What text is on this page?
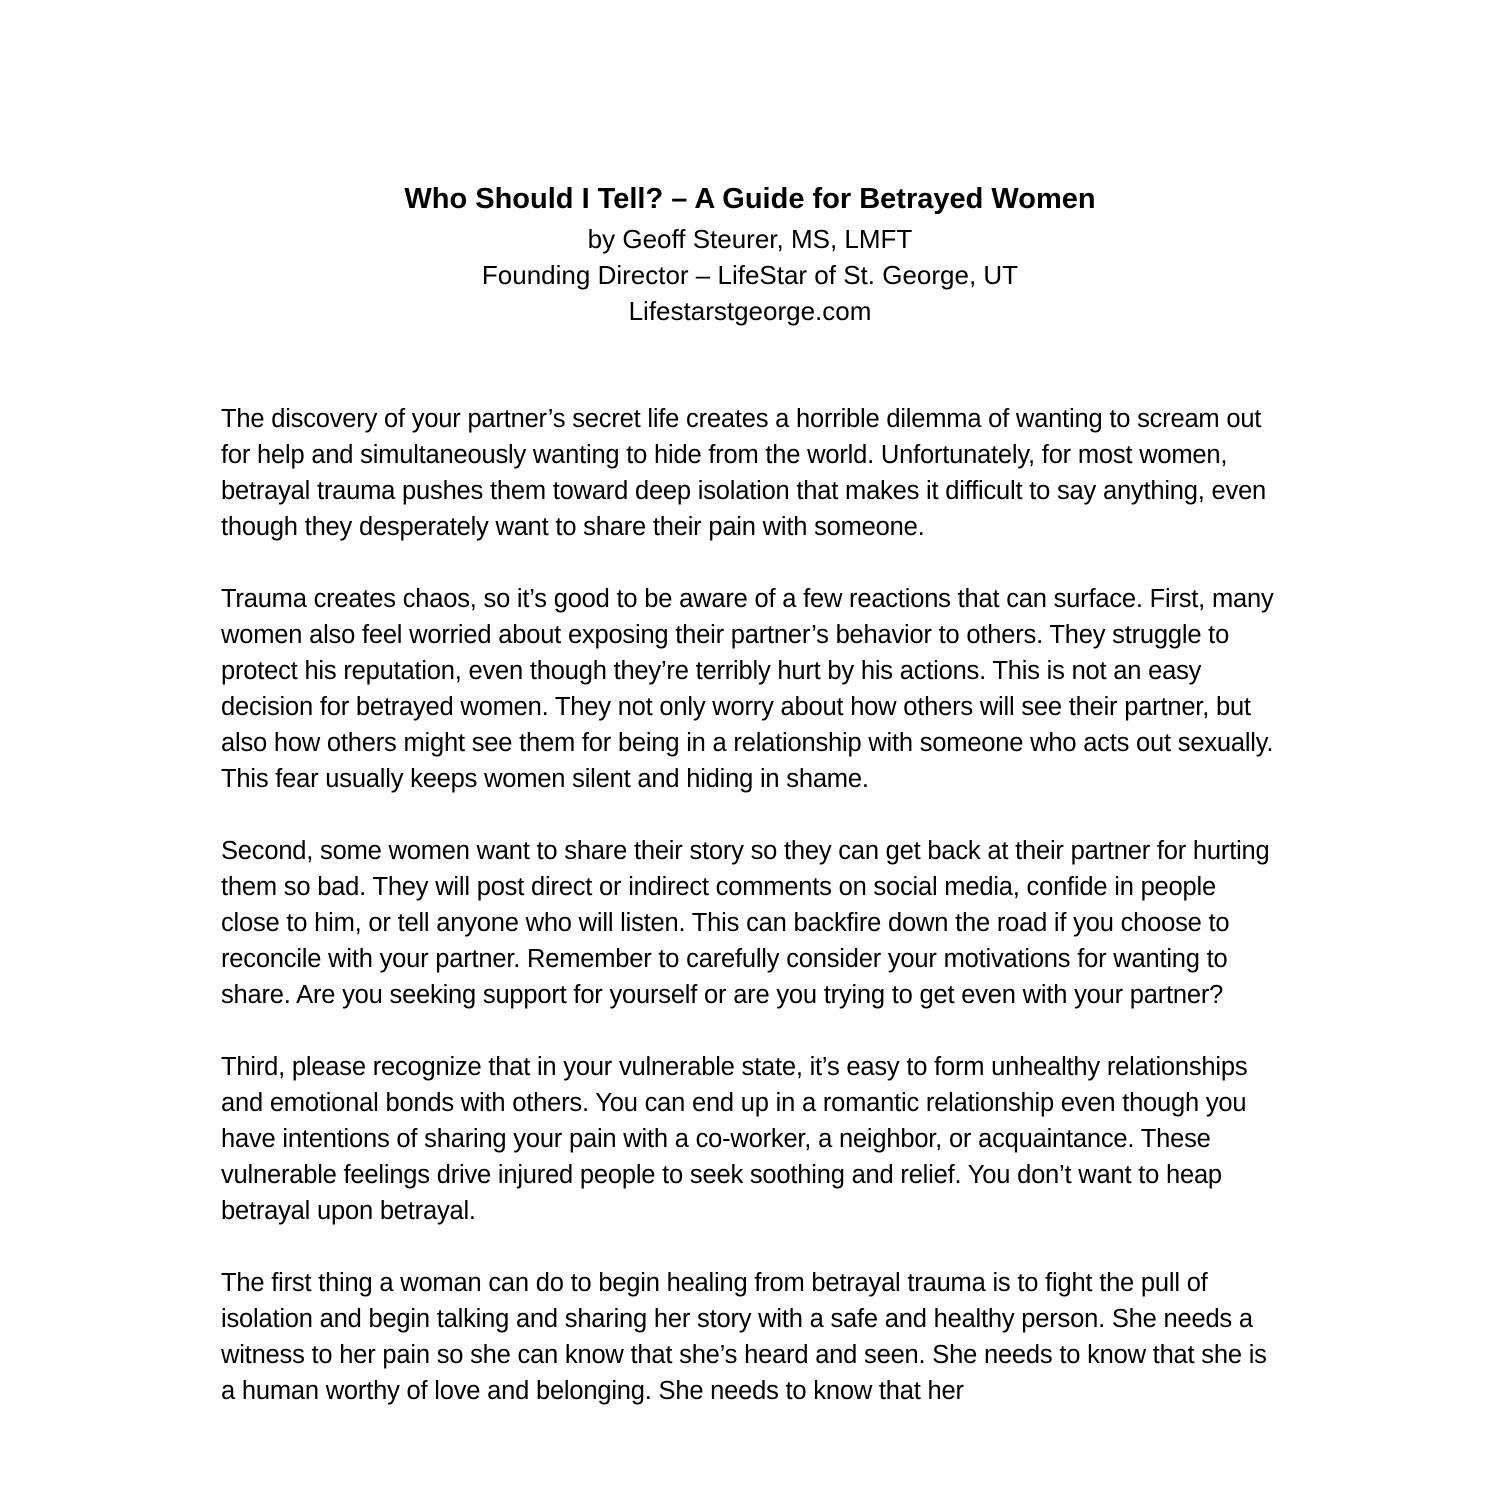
Who Should I Tell? – A Guide for Betrayed Women
by Geoff Steurer, MS, LMFT
Founding Director – LifeStar of St. George, UT
Lifestarstgeorge.com

The discovery of your partner’s secret life creates a horrible dilemma of wanting to scream out for help and simultaneously wanting to hide from the world. Unfortunately, for most women, betrayal trauma pushes them toward deep isolation that makes it difficult to say anything, even though they desperately want to share their pain with someone.

Trauma creates chaos, so it’s good to be aware of a few reactions that can surface. First, many women also feel worried about exposing their partner’s behavior to others. They struggle to protect his reputation, even though they’re terribly hurt by his actions. This is not an easy decision for betrayed women. They not only worry about how others will see their partner, but also how others might see them for being in a relationship with someone who acts out sexually. This fear usually keeps women silent and hiding in shame.

Second, some women want to share their story so they can get back at their partner for hurting them so bad. They will post direct or indirect comments on social media, confide in people close to him, or tell anyone who will listen. This can backfire down the road if you choose to reconcile with your partner. Remember to carefully consider your motivations for wanting to share. Are you seeking support for yourself or are you trying to get even with your partner?

Third, please recognize that in your vulnerable state, it’s easy to form unhealthy relationships and emotional bonds with others. You can end up in a romantic relationship even though you have intentions of sharing your pain with a co-worker, a neighbor, or acquaintance. These vulnerable feelings drive injured people to seek soothing and relief. You don’t want to heap betrayal upon betrayal.

The first thing a woman can do to begin healing from betrayal trauma is to fight the pull of isolation and begin talking and sharing her story with a safe and healthy person. She needs a witness to her pain so she can know that she’s heard and seen. She needs to know that she is a human worthy of love and belonging. She needs to know that her
